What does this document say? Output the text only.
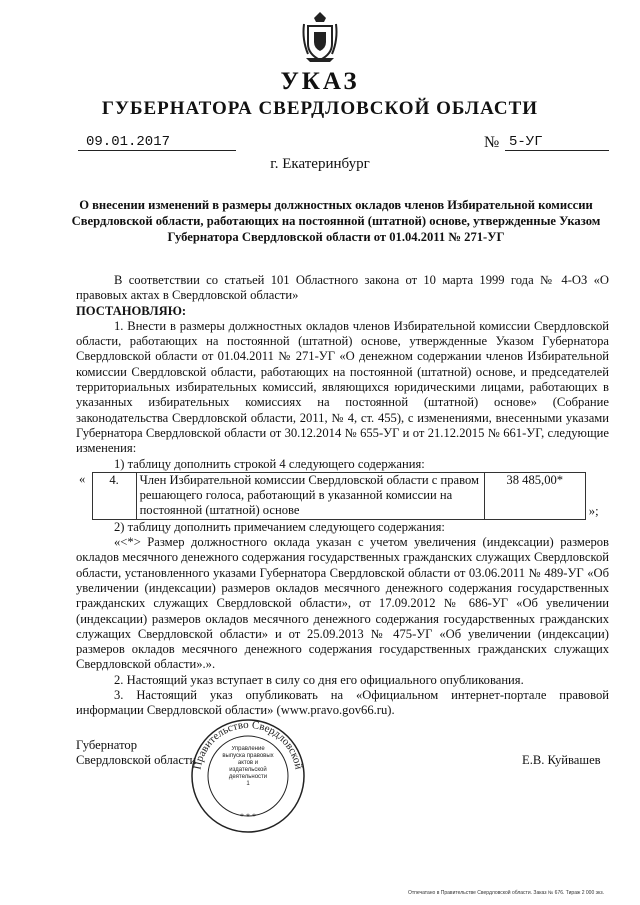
УКАЗ
ГУБЕРНАТОРА СВЕРДЛОВСКОЙ ОБЛАСТИ
09.01.2017	№ 5-УГ
г. Екатеринбург
О внесении изменений в размеры должностных окладов членов Избирательной комиссии Свердловской области, работающих на постоянной (штатной) основе, утвержденные Указом Губернатора Свердловской области от 01.04.2011 № 271-УГ

В соответствии со статьей 101 Областного закона от 10 марта 1999 года № 4-ОЗ «О правовых актах в Свердловской области»

ПОСТАНОВЛЯЮ:

1. Внести в размеры должностных окладов членов Избирательной комиссии Свердловской области, работающих на постоянной (штатной) основе, утвержденные Указом Губернатора Свердловской области от 01.04.2011 № 271-УГ «О денежном содержании членов Избирательной комиссии Свердловской области, работающих на постоянной (штатной) основе, и председателей территориальных избирательных комиссий, являющихся юридическими лицами, работающих в указанных избирательных комиссиях на постоянной (штатной) основе» (Собрание законодательства Свердловской области, 2011, № 4, ст. 455), с изменениями, внесенными указами Губернатора Свердловской области от 30.12.2014 № 655-УГ и от 21.12.2015 № 661-УГ, следующие изменения:

1) таблицу дополнить строкой 4 следующего содержания:

«	4.	Член Избирательной комиссии Свердловской области с правом решающего голоса, работающий в указанной комиссии на постоянной (штатной) основе	38 485,00*	»;

2) таблицу дополнить примечанием следующего содержания:

«<*> Размер должностного оклада указан с учетом увеличения (индексации) размеров окладов месячного денежного содержания государственных гражданских служащих Свердловской области, установленного указами Губернатора Свердловской области от 03.06.2011 № 489-УГ «Об увеличении (индексации) размеров окладов месячного денежного содержания государственных гражданских служащих Свердловской области», от 17.09.2012 № 686-УГ «Об увеличении (индексации) размеров окладов месячного денежного содержания государственных гражданских служащих Свердловской области» и от 25.09.2013 № 475-УГ «Об увеличении (индексации) размеров окладов месячного денежного содержания государственных гражданских служащих Свердловской области».».

2. Настоящий указ вступает в силу со дня его официального опубликования.

3. Настоящий указ опубликовать на «Официальном интернет-портале правовой информации Свердловской области» (www.pravo.gov66.ru).

Губернатор
Свердловской области	Е.В. Куйвашев
Правительство Свердловской
Управление выпуска правовых актов и издательской деятельности
1
* * *
Отпечатано в Правительстве Свердловской области. Заказ № 676. Тираж 2 000 экз.
